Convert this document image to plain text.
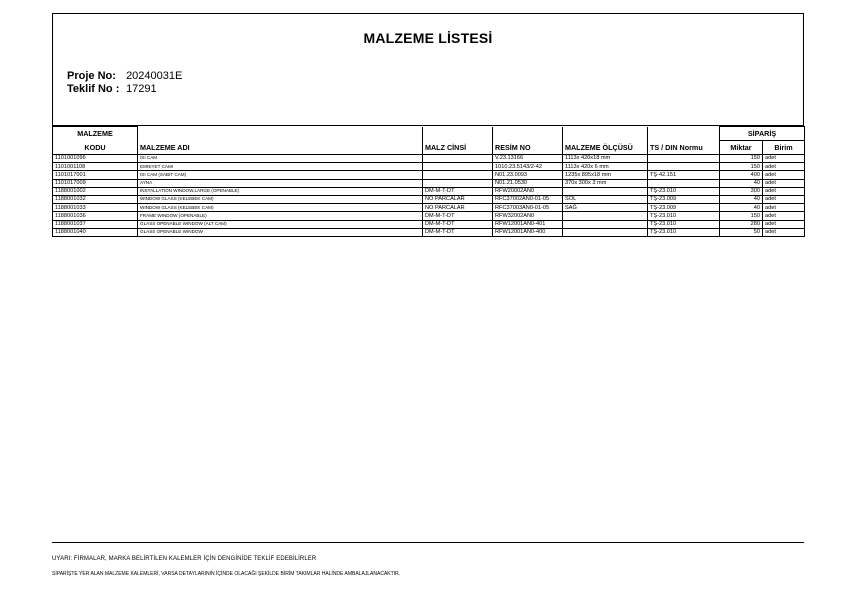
MALZEME LİSTESİ
Proje No: 20240031E
Teklif No : 17291
MALZEME						SİPARİŞ	
KODU	MALZEME ADI	MALZ CİNSİ	RESİM NO	MALZEME ÖLÇÜSÜ	TS / DIN Normu	Miktar	Birim
1101001096	ISI CAM		V.23.13166	1113x 420x18 mm		150	adet
1101001108	EMNIYET CAMI		1010.23.5143/2-42	1113x 420x 6 mm		150	adet
1101017001	ISI CAM (SABIT CAM)		N01.23.0093	1235x 895x18 mm	TŞ-42.151	400	adet
1101017009	AYNA		N01.21.0530	370x 300x 3 mm		40	adet
1188001002	INSTALLATION WINDOW,LARGE (OPENABLE)	DM-M-T-DT	RFW20002AN0		TŞ-23.010	300	adet
1188001032	WINDOW GLASS (KELEBEK CAM)	NO PARCALAR	RFC37002AN0-01-05	SOL	TŞ-23.009	40	adet
1188001033	WINDOW GLASS (KELEBEK CAM)	NO PARCALAR	RFC37003AN0-01-05	SAĞ	TŞ-23.009	40	adet
1188001036	FRAME WINDOW (OPENABLE)	DM-M-T-DT	RFW32002AN0		TŞ-23.010	150	adet
1188001037	GLASS OPENABLE WINDOW (ALT CAM)	DM-M-T-DT	RFW12001AN0-401		TŞ-23.010	280	adet
1188001040	GLASS OPENABLE WINDOW	DM-M-T-DT	RFW12001AN0-400		TŞ-23.010	50	adet
UYARI: FİRMALAR, MARKA BELİRTİLEN KALEMLER İÇİN DENGİNİDE TEKLİF EDEBİLİRLER
SİPARİŞTE YER ALAN MALZEME KALEMLERİ, VARSA DETAYLARININ İÇİNDE OLACAĞI ŞEKİLDE BİRİM TAKIMLAR HALİNDE AMBALAJLANACAKTIR.
